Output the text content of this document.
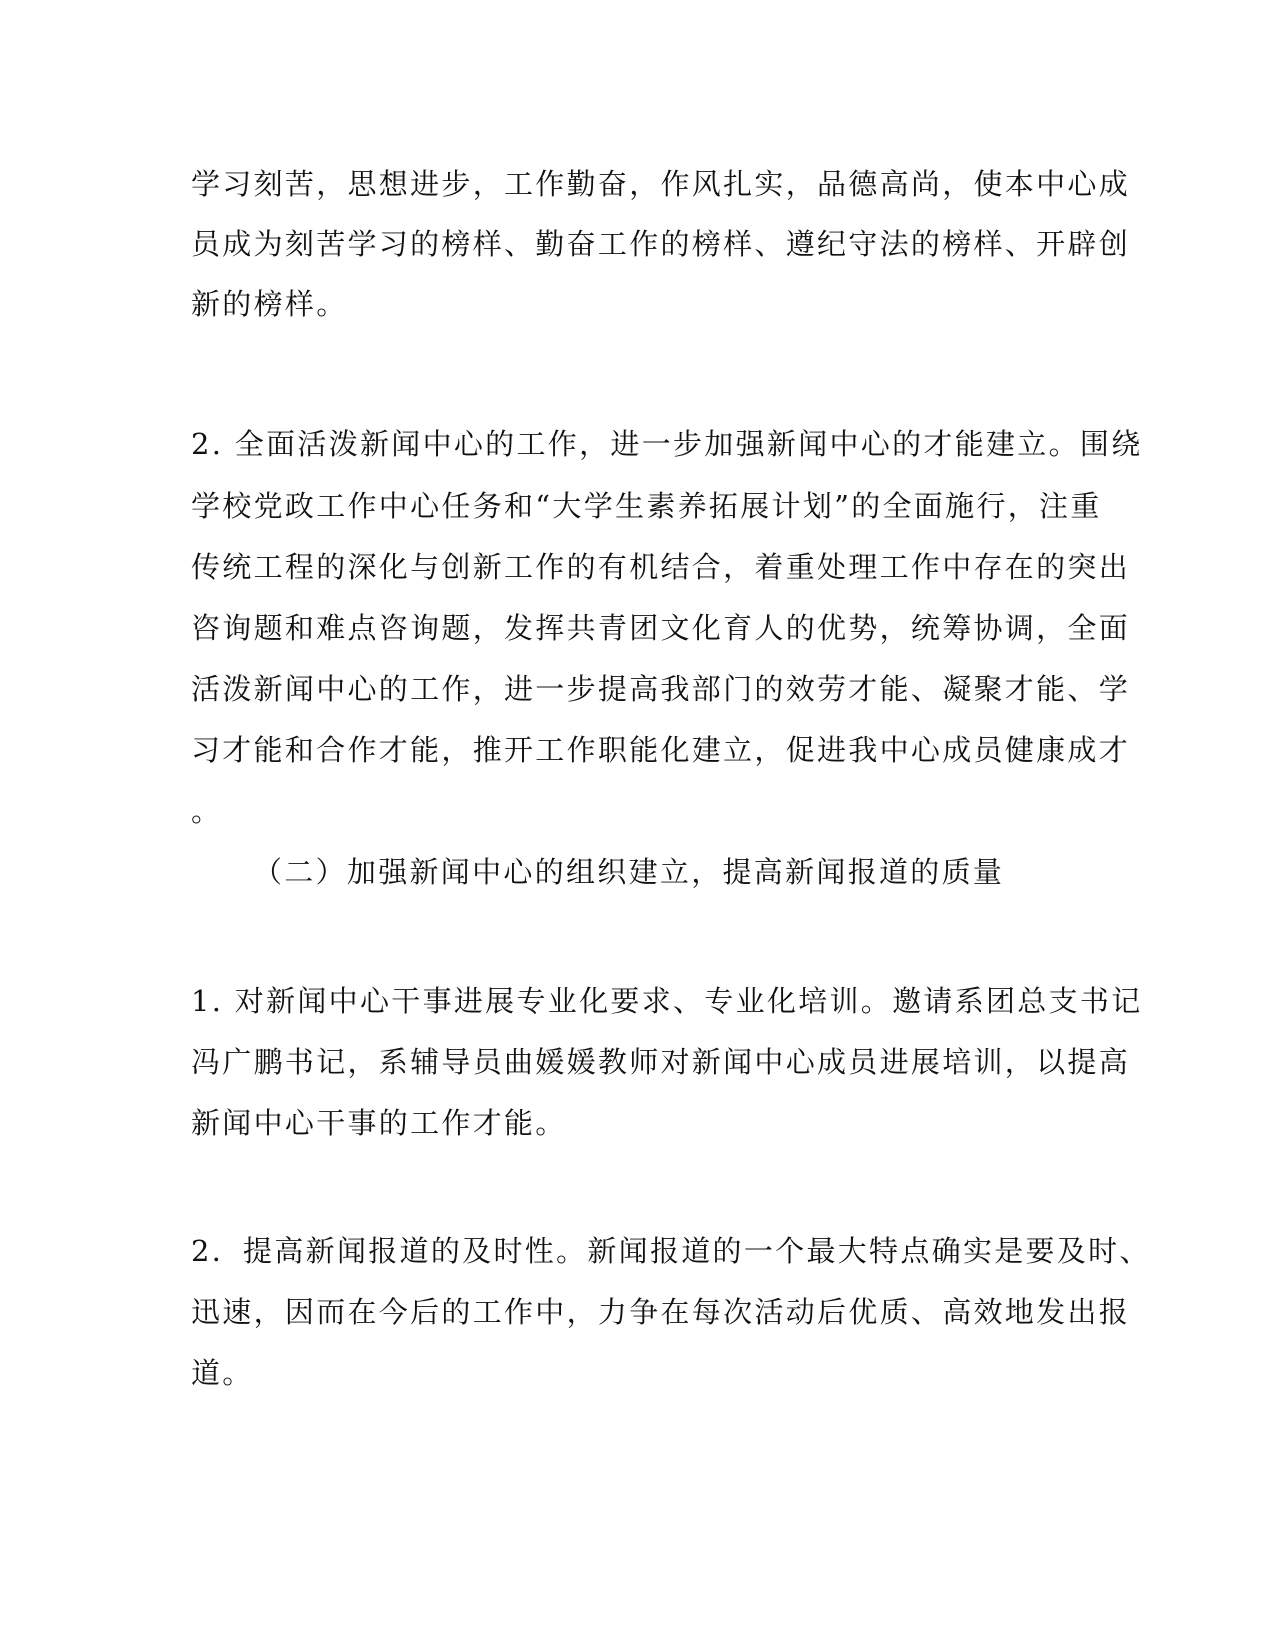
学习刻苦，思想进步，工作勤奋，作风扎实，品德高尚，使本中心成
员成为刻苦学习的榜样、勤奋工作的榜样、遵纪守法的榜样、开辟创
新的榜样。
2. 全面活泼新闻中心的工作，进一步加强新闻中心的才能建立。围绕
学校党政工作中心任务和“大学生素养拓展计划”的全面施行，注重
传统工程的深化与创新工作的有机结合，着重处理工作中存在的突出
咨询题和难点咨询题，发挥共青团文化育人的优势，统筹协调，全面
活泼新闻中心的工作，进一步提高我部门的效劳才能、凝聚才能、学
习才能和合作才能，推开工作职能化建立，促进我中心成员健康成才
。
（二）加强新闻中心的组织建立，提高新闻报道的质量
1. 对新闻中心干事进展专业化要求、专业化培训。邀请系团总支书记
冯广鹏书记，系辅导员曲媛媛教师对新闻中心成员进展培训，以提高
新闻中心干事的工作才能。
2．提高新闻报道的及时性。新闻报道的一个最大特点确实是要及时、
迅速，因而在今后的工作中，力争在每次活动后优质、高效地发出报
道。
